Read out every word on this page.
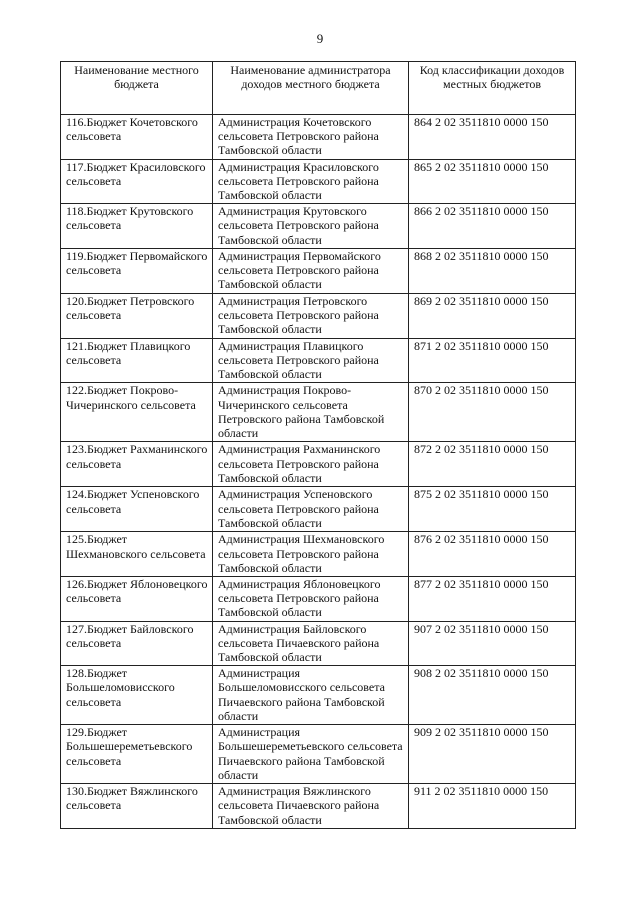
9
Наименование местного бюджета	Наименование администратора доходов местного бюджета	Код классификации доходов местных бюджетов
116.Бюджет Кочетовского сельсовета	Администрация Кочетовского сельсовета Петровского района Тамбовской области	864 2 02 3511810 0000 150
117.Бюджет Красиловского сельсовета	Администрация Красиловского сельсовета Петровского района Тамбовской области	865 2 02 3511810 0000 150
118.Бюджет Крутовского сельсовета	Администрация Крутовского сельсовета Петровского района Тамбовской области	866 2 02 3511810 0000 150
119.Бюджет Первомайского сельсовета	Администрация Первомайского сельсовета Петровского района Тамбовской области	868 2 02 3511810 0000 150
120.Бюджет Петровского сельсовета	Администрация Петровского сельсовета Петровского района Тамбовской области	869 2 02 3511810 0000 150
121.Бюджет Плавицкого сельсовета	Администрация Плавицкого сельсовета Петровского района Тамбовской области	871 2 02 3511810 0000 150
122.Бюджет Покрово-Чичеринского сельсовета	Администрация Покрово-Чичеринского сельсовета Петровского района Тамбовской области	870 2 02 3511810 0000 150
123.Бюджет Рахманинского сельсовета	Администрация Рахманинского сельсовета Петровского района Тамбовской области	872 2 02 3511810 0000 150
124.Бюджет Успеновского сельсовета	Администрация Успеновского сельсовета Петровского района Тамбовской области	875 2 02 3511810 0000 150
125.Бюджет Шехмановского сельсовета	Администрация Шехмановского сельсовета Петровского района Тамбовской области	876 2 02 3511810 0000 150
126.Бюджет Яблоновецкого сельсовета	Администрация Яблоновецкого сельсовета Петровского района Тамбовской области	877 2 02 3511810 0000 150
127.Бюджет Байловского сельсовета	Администрация Байловского сельсовета Пичаевского района Тамбовской области	907 2 02 3511810 0000 150
128.Бюджет Большеломовисского сельсовета	Администрация Большеломовисского сельсовета Пичаевского района Тамбовской области	908 2 02 3511810 0000 150
129.Бюджет Большешереметьевского сельсовета	Администрация Большешереметьевского сельсовета Пичаевского района Тамбовской области	909 2 02 3511810 0000 150
130.Бюджет Вяжлинского сельсовета	Администрация Вяжлинского сельсовета Пичаевского района Тамбовской области	911 2 02 3511810 0000 150
